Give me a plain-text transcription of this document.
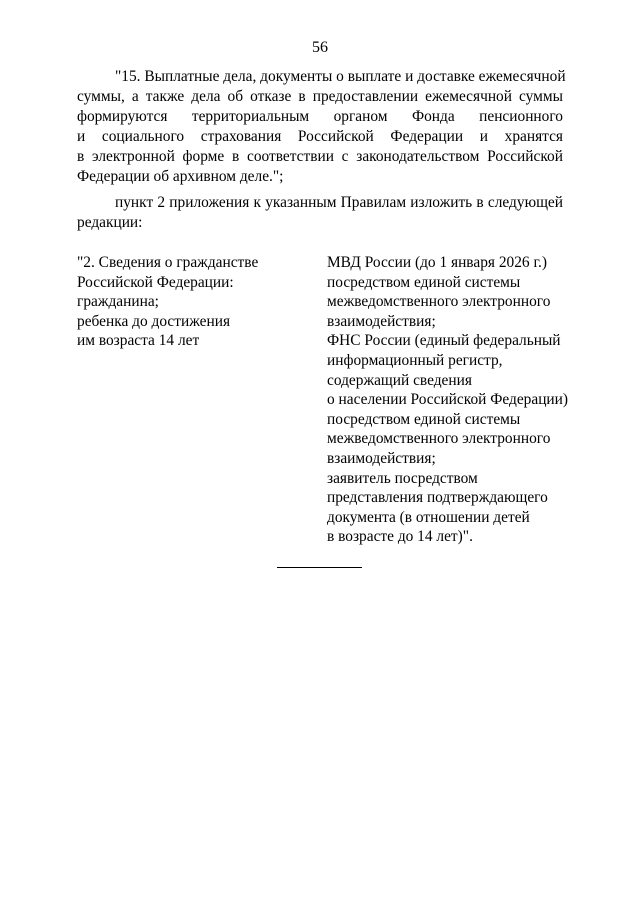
56
"15. Выплатные дела, документы о выплате и доставке ежемесячной
суммы, а также дела об отказе в предоставлении ежемесячной суммы
формируются территориальным органом Фонда пенсионного
и социального страхования Российской Федерации и хранятся
в электронной форме в соответствии с законодательством Российской
Федерации об архивном деле.";
пункт 2 приложения к указанным Правилам изложить в следующей
редакции:
"2. Сведения о гражданстве
Российской Федерации:
гражданина;
ребенка до достижения
им возраста 14 лет
МВД России (до 1 января 2026 г.)
посредством единой системы
межведомственного электронного
взаимодействия;
ФНС России (единый федеральный
информационный регистр,
содержащий сведения
о населении Российской Федерации)
посредством единой системы
межведомственного электронного
взаимодействия;
заявитель посредством
представления подтверждающего
документа (в отношении детей
в возрасте до 14 лет)".
